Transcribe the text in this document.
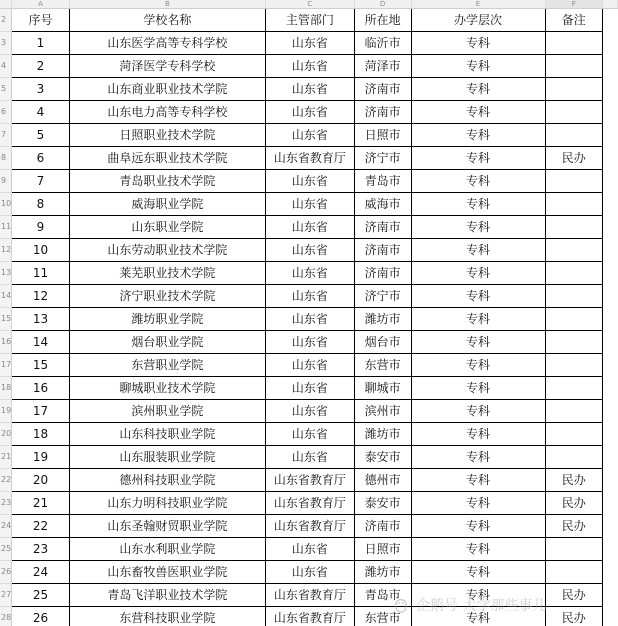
	A	B	C	D	E	F	
2	序号	学校名称	主管部门	所在地	办学层次	备注	
3	1	山东医学高等专科学校	山东省	临沂市	专科		
4	2	菏泽医学专科学校	山东省	菏泽市	专科		
5	3	山东商业职业技术学院	山东省	济南市	专科		
6	4	山东电力高等专科学校	山东省	济南市	专科		
7	5	日照职业技术学院	山东省	日照市	专科		
8	6	曲阜远东职业技术学院	山东省教育厅	济宁市	专科	民办	
9	7	青岛职业技术学院	山东省	青岛市	专科		
10	8	威海职业学院	山东省	威海市	专科		
11	9	山东职业学院	山东省	济南市	专科		
12	10	山东劳动职业技术学院	山东省	济南市	专科		
13	11	莱芜职业技术学院	山东省	济南市	专科		
14	12	济宁职业技术学院	山东省	济宁市	专科		
15	13	潍坊职业学院	山东省	潍坊市	专科		
16	14	烟台职业学院	山东省	烟台市	专科		
17	15	东营职业学院	山东省	东营市	专科		
18	16	聊城职业技术学院	山东省	聊城市	专科		
19	17	滨州职业学院	山东省	滨州市	专科		
20	18	山东科技职业学院	山东省	潍坊市	专科		
21	19	山东服装职业学院	山东省	泰安市	专科		
22	20	德州科技职业学院	山东省教育厅	德州市	专科	民办	
23	21	山东力明科技职业学院	山东省教育厅	泰安市	专科	民办	
24	22	山东圣翰财贸职业学院	山东省教育厅	济南市	专科	民办	
25	23	山东水利职业学院	山东省	日照市	专科		
26	24	山东畜牧兽医职业学院	山东省	潍坊市	专科		
27	25	青岛飞洋职业技术学院	山东省教育厅	青岛市	专科	民办	
28	26	东营科技职业学院	山东省教育厅	东营市	专科	民办	
企鹅号 大学那些事儿
